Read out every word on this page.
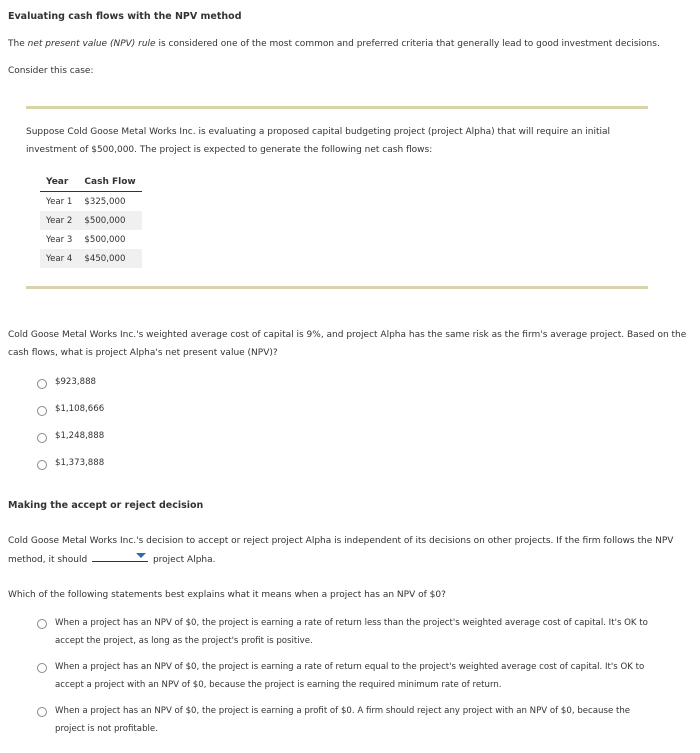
Evaluating cash flows with the NPV method
The net present value (NPV) rule is considered one of the most common and preferred criteria that generally lead to good investment decisions.
Consider this case:
Suppose Cold Goose Metal Works Inc. is evaluating a proposed capital budgeting project (project Alpha) that will require an initial
investment of $500,000. The project is expected to generate the following net cash flows:
Year	Cash Flow
Year 1	$325,000
Year 2	$500,000
Year 3	$500,000
Year 4	$450,000
Cold Goose Metal Works Inc.'s weighted average cost of capital is 9%, and project Alpha has the same risk as the firm's average project. Based on the
cash flows, what is project Alpha's net present value (NPV)?
$923,888
$1,108,666
$1,248,888
$1,373,888
Making the accept or reject decision
Cold Goose Metal Works Inc.'s decision to accept or reject project Alpha is independent of its decisions on other projects. If the firm follows the NPV
method, it should	project Alpha.
Which of the following statements best explains what it means when a project has an NPV of $0?
When a project has an NPV of $0, the project is earning a rate of return less than the project's weighted average cost of capital. It's OK to
accept the project, as long as the project's profit is positive.
When a project has an NPV of $0, the project is earning a rate of return equal to the project's weighted average cost of capital. It's OK to
accept a project with an NPV of $0, because the project is earning the required minimum rate of return.
When a project has an NPV of $0, the project is earning a profit of $0. A firm should reject any project with an NPV of $0, because the
project is not profitable.
